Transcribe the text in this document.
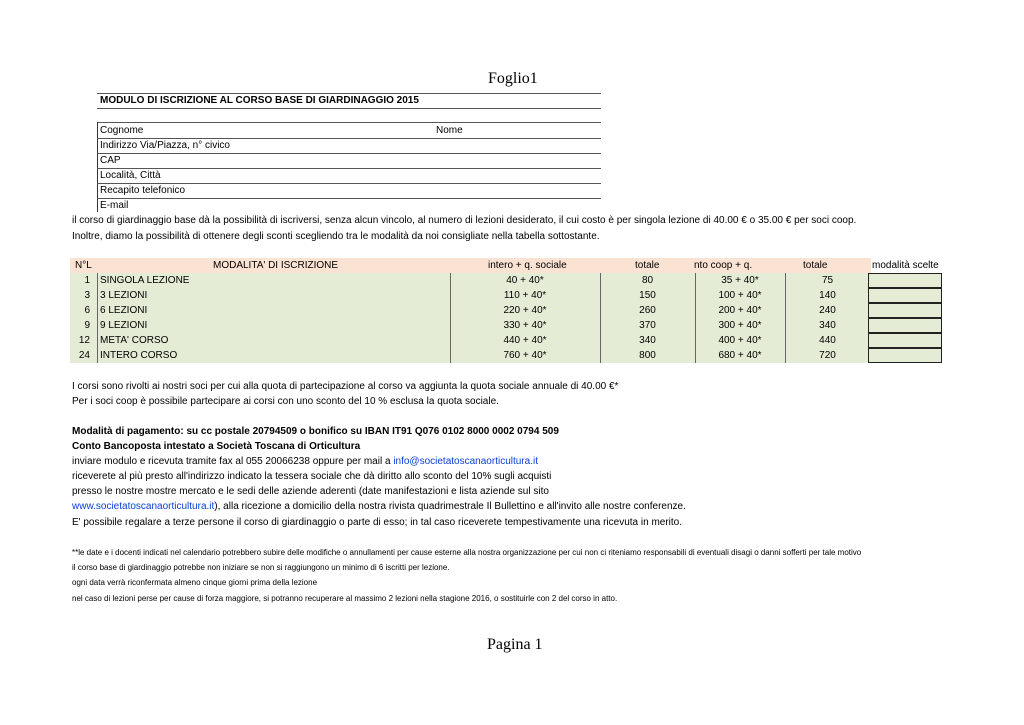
Foglio1
MODULO DI ISCRIZIONE AL CORSO BASE DI GIARDINAGGIO 2015
Cognome	Nome
Indirizzo Via/Piazza, n° civico
CAP
Località, Città
Recapito telefonico
E-mail
il corso di giardinaggio base dà la possibilità di iscriversi, senza alcun vincolo, al numero di lezioni desiderato, il cui costo è per singola lezione di 40.00 € o 35.00 € per soci coop.
Inoltre, diamo la possibilità di ottenere degli sconti scegliendo tra le modalità da noi consigliate nella tabella sottostante.
N°L	MODALITA' DI ISCRIZIONE	intero + q. sociale	totale	nto coop + q.	totale	modalità scelte
1 SINGOLA LEZIONE	40 + 40*	80	35 + 40*	75
3 3 LEZIONI	110 + 40*	150	100 + 40*	140
6 6 LEZIONI	220 + 40*	260	200 + 40*	240
9 9 LEZIONI	330 + 40*	370	300 + 40*	340
12 META' CORSO	440 + 40*	340	400 + 40*	440
24 INTERO CORSO	760 + 40*	800	680 + 40*	720
I corsi sono rivolti ai nostri soci per cui alla quota di partecipazione al corso va aggiunta la quota sociale annuale di 40.00 €*
Per i soci coop è possibile partecipare ai corsi con uno sconto del 10 % esclusa la quota sociale.
Modalità di pagamento: su cc postale 20794509 o bonifico su IBAN IT91 Q076 0102 8000 0002 0794 509
Conto Bancoposta intestato a Società Toscana di Orticultura
inviare modulo e ricevuta tramite fax al 055 20066238 oppure per mail a info@societatoscanaorticultura.it
riceverete al più presto all'indirizzo indicato la tessera sociale che dà diritto allo sconto del 10% sugli acquisti
presso le nostre mostre mercato e le sedi delle aziende aderenti (date manifestazioni e lista aziende sul sito
www.societatoscanaorticultura.it), alla ricezione a domicilio della nostra rivista quadrimestrale Il Bullettino e all'invito alle nostre conferenze.
E' possibile regalare a terze persone il corso di giardinaggio o parte di esso; in tal caso riceverete tempestivamente una ricevuta in merito.
**le date e i docenti indicati nel calendario potrebbero subire delle modifiche o annullamenti per cause esterne alla nostra organizzazione per cui non ci riteniamo responsabili di eventuali disagi o danni sofferti per tale motivo
il corso base di giardinaggio potrebbe non iniziare se non si raggiungono un minimo di 6 iscritti per lezione.
ogni data verrà riconfermata almeno cinque giorni prima della lezione
nel caso di lezioni perse per cause di forza maggiore, si potranno recuperare al massimo 2 lezioni nella stagione 2016, o sostituirle con 2 del corso in atto.
Pagina 1
